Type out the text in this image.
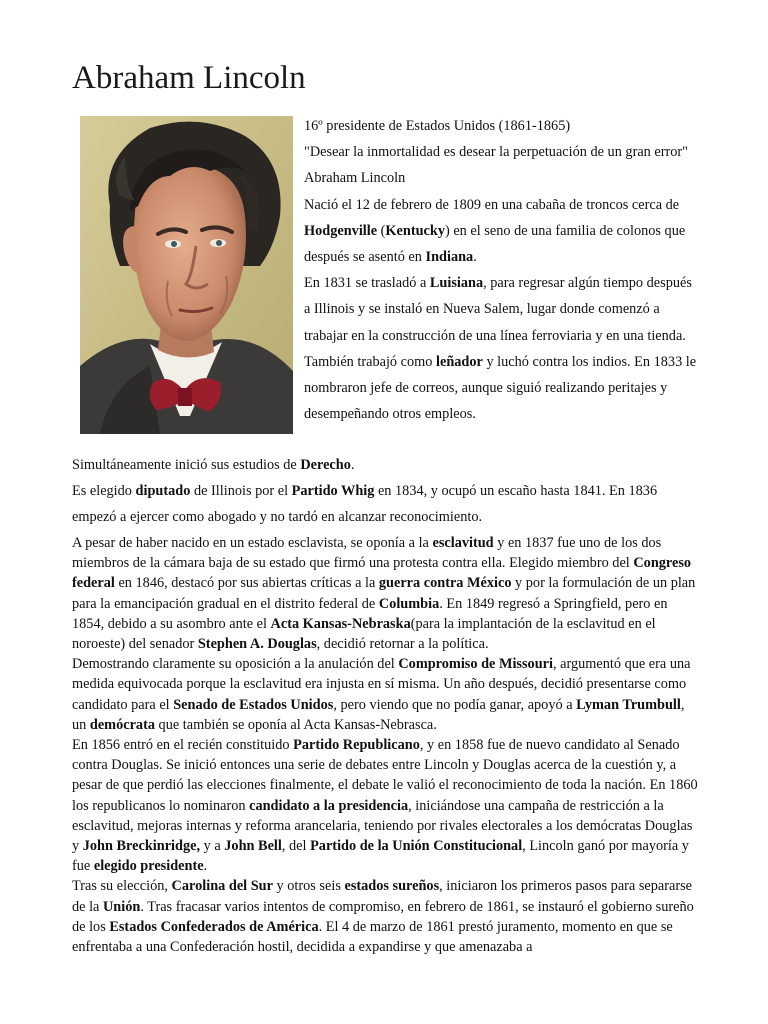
Abraham Lincoln
16º presidente de Estados Unidos (1861-1865)
"Desear la inmortalidad es desear la perpetuación de un gran error"
Abraham Lincoln
Nació el 12 de febrero de 1809 en una cabaña de troncos cerca de Hodgenville (Kentucky) en el seno de una familia de colonos que después se asentó en Indiana.
En 1831 se trasladó a Luisiana, para regresar algún tiempo después a Illinois y se instaló en Nueva Salem, lugar donde comenzó a trabajar en la construcción de una línea ferroviaria y en una tienda. También trabajó como leñador y luchó contra los indios. En 1833 le nombraron jefe de correos, aunque siguió realizando peritajes y desempeñando otros empleos.
Simultáneamente inició sus estudios de Derecho.
Es elegido diputado de Illinois por el Partido Whig en 1834, y ocupó un escaño hasta 1841. En 1836 empezó a ejercer como abogado y no tardó en alcanzar reconocimiento.
A pesar de haber nacido en un estado esclavista, se oponía a la esclavitud y en 1837 fue uno de los dos miembros de la cámara baja de su estado que firmó una protesta contra ella. Elegido miembro del Congreso federal en 1846, destacó por sus abiertas críticas a la guerra contra México y por la formulación de un plan para la emancipación gradual en el distrito federal de Columbia. En 1849 regresó a Springfield, pero en 1854, debido a su asombro ante el Acta Kansas-Nebraska(para la implantación de la esclavitud en el noroeste) del senador Stephen A. Douglas, decidió retornar a la política.
Demostrando claramente su oposición a la anulación del Compromiso de Missouri, argumentó que era una medida equivocada porque la esclavitud era injusta en sí misma. Un año después, decidió presentarse como candidato para el Senado de Estados Unidos, pero viendo que no podía ganar, apoyó a Lyman Trumbull, un demócrata que también se oponía al Acta Kansas-Nebrasca.
En 1856 entró en el recién constituido Partido Republicano, y en 1858 fue de nuevo candidato al Senado contra Douglas. Se inició entonces una serie de debates entre Lincoln y Douglas acerca de la cuestión y, a pesar de que perdió las elecciones finalmente, el debate le valió el reconocimiento de toda la nación. En 1860 los republicanos lo nominaron candidato a la presidencia, iniciándose una campaña de restricción a la esclavitud, mejoras internas y reforma arancelaria, teniendo por rivales electorales a los demócratas Douglas y John Breckinridge, y a John Bell, del Partido de la Unión Constitucional, Lincoln ganó por mayoría y fue elegido presidente.
Tras su elección, Carolina del Sur y otros seis estados sureños, iniciaron los primeros pasos para separarse de la Unión. Tras fracasar varios intentos de compromiso, en febrero de 1861, se instauró el gobierno sureño de los Estados Confederados de América. El 4 de marzo de 1861 prestó juramento, momento en que se enfrentaba a una Confederación hostil, decidida a expandirse y que amenazaba a
